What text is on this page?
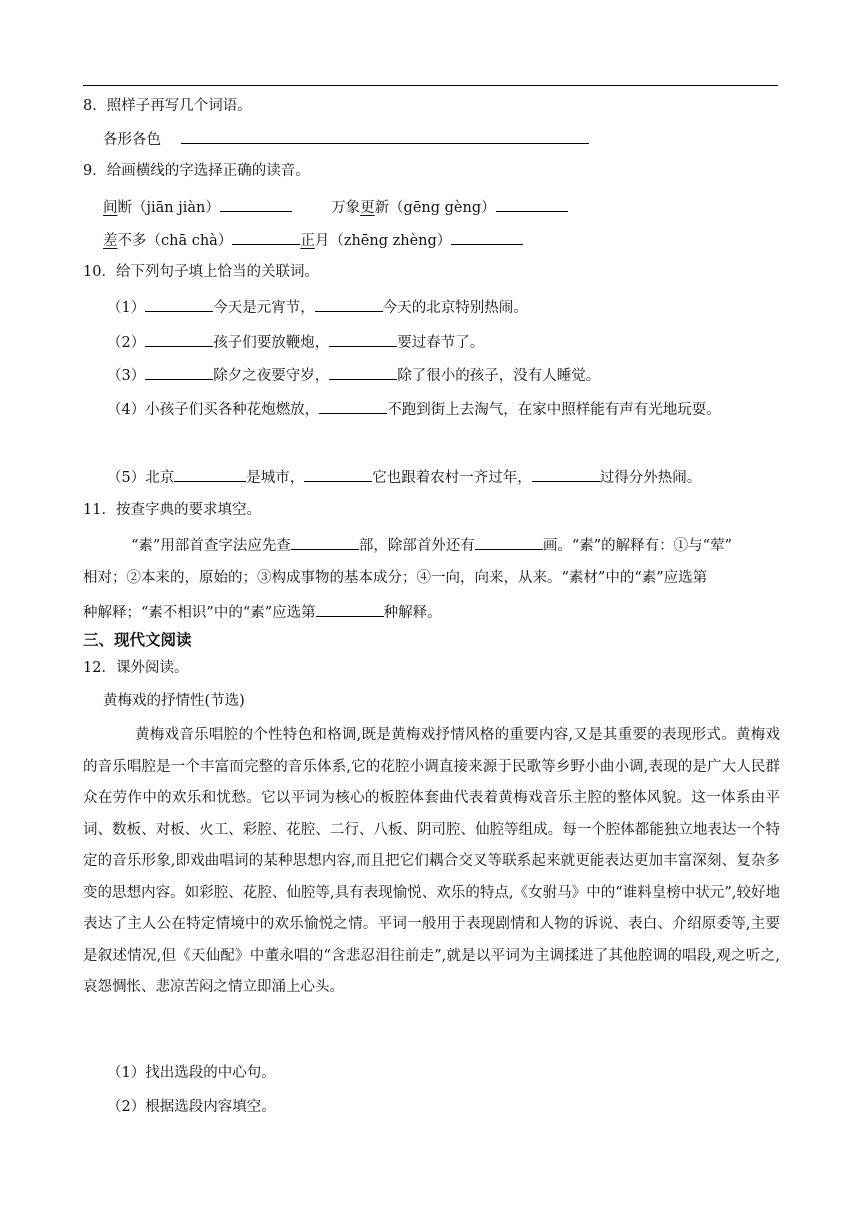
8．照样子再写几个词语。
各形各色
9．给画横线的字选择正确的读音。
间断（jiān jiàn）	万象更新（gēng gèng）
差不多（chā chà）	正月（zhēng zhèng）
10．给下列句子填上恰当的关联词。
（1）	今天是元宵节，	今天的北京特别热闹。
（2）	孩子们要放鞭炮，	要过春节了。
（3）	除夕之夜要守岁，	除了很小的孩子，没有人睡觉。
（4）小孩子们买各种花炮燃放，	不跑到街上去淘气，在家中照样能有声有光地玩耍。
（5）北京	是城市，	它也跟着农村一齐过年，	过得分外热闹。
11．按查字典的要求填空。
“素”用部首查字法应先查	部，除部首外还有	画。“素”的解释有：①与“荤”
相对；②本来的，原始的；③构成事物的基本成分；④一向，向来，从来。“素材”中的“素”应选第
种解释；“素不相识”中的“素”应选第	种解释。
三、现代文阅读
12．课外阅读。
黄梅戏的抒情性(节选)
黄梅戏音乐唱腔的个性特色和格调,既是黄梅戏抒情风格的重要内容,又是其重要的表现形式。黄梅戏的音乐唱腔是一个丰富而完整的音乐体系,它的花腔小调直接来源于民歌等乡野小曲小调,表现的是广大人民群众在劳作中的欢乐和忧愁。它以平词为核心的板腔体套曲代表着黄梅戏音乐主腔的整体风貌。这一体系由平词、数板、对板、火工、彩腔、花腔、二行、八板、阴司腔、仙腔等组成。每一个腔体都能独立地表达一个特定的音乐形象,即戏曲唱词的某种思想内容,而且把它们耦合交叉等联系起来就更能表达更加丰富深刻、复杂多变的思想内容。如彩腔、花腔、仙腔等,具有表现愉悦、欢乐的特点,《女驸马》中的“谁料皇榜中状元”,较好地表达了主人公在特定情境中的欢乐愉悦之情。平词一般用于表现剧情和人物的诉说、表白、介绍原委等,主要是叙述情况,但《天仙配》中董永唱的“含悲忍泪往前走”,就是以平词为主调揉进了其他腔调的唱段,观之听之,哀怨惆怅、悲凉苦闷之情立即涌上心头。
（1）找出选段的中心句。
（2）根据选段内容填空。
